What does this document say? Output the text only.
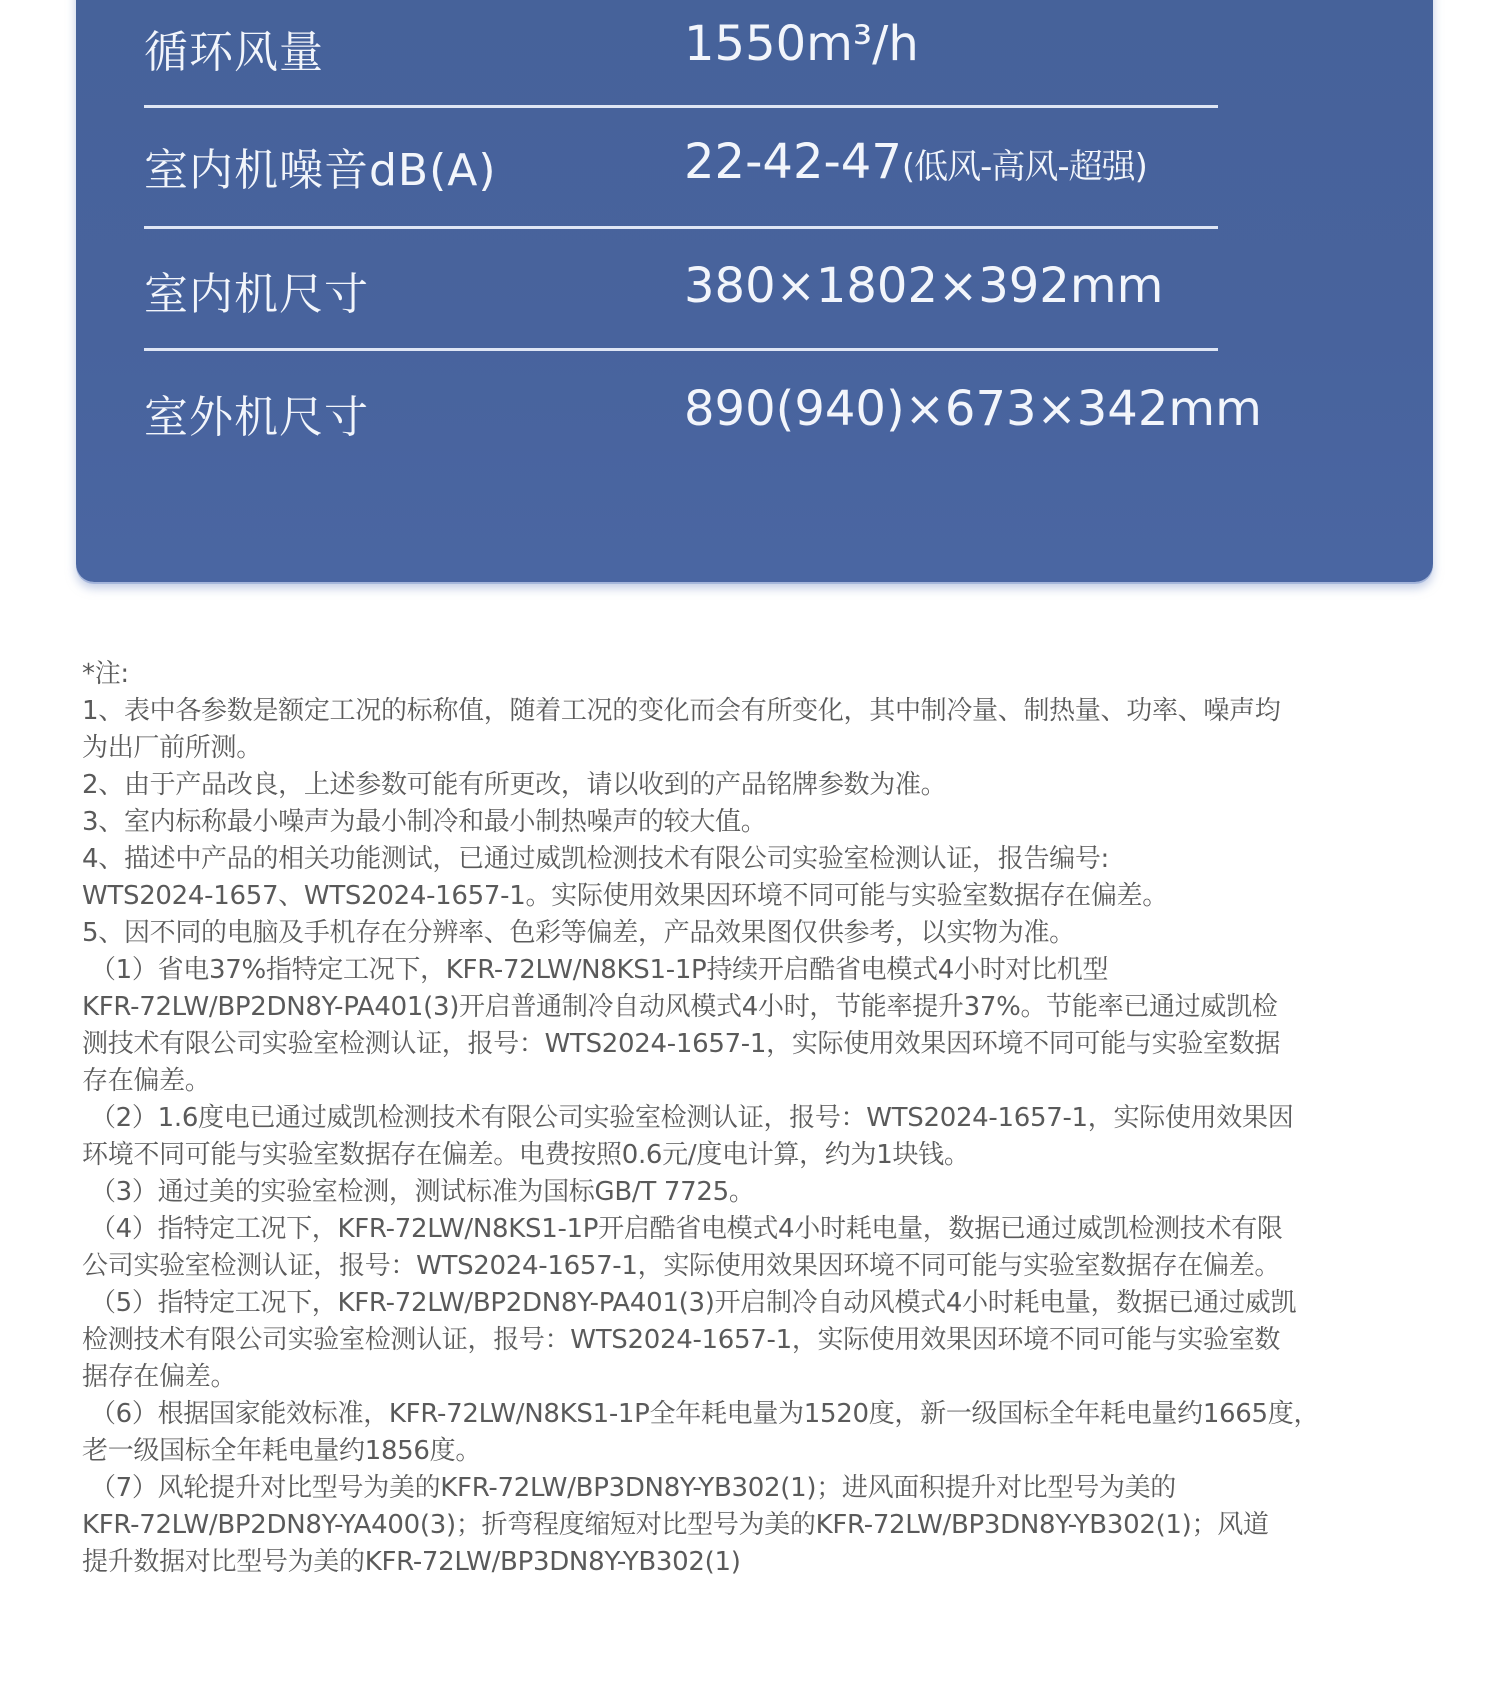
循环风量	1550m³/h
室内机噪音dB(A)	22-42-47(低风-高风-超强)
室内机尺寸	380×1802×392mm
室外机尺寸	890(940)×673×342mm
*注:
1、表中各参数是额定工况的标称值，随着工况的变化而会有所变化，其中制冷量、制热量、功率、噪声均
为出厂前所测。
2、由于产品改良，上述参数可能有所更改，请以收到的产品铭牌参数为准。
3、室内标称最小噪声为最小制冷和最小制热噪声的较大值。
4、描述中产品的相关功能测试，已通过威凯检测技术有限公司实验室检测认证，报告编号:
WTS2024-1657、WTS2024-1657-1。实际使用效果因环境不同可能与实验室数据存在偏差。
5、因不同的电脑及手机存在分辨率、色彩等偏差，产品效果图仅供参考，以实物为准。
（1）省电37%指特定工况下，KFR-72LW/N8KS1-1P持续开启酷省电模式4小时对比机型
KFR-72LW/BP2DN8Y-PA401(3)开启普通制冷自动风模式4小时，节能率提升37%。节能率已通过威凯检
测技术有限公司实验室检测认证，报号：WTS2024-1657-1，实际使用效果因环境不同可能与实验室数据
存在偏差。
（2）1.6度电已通过威凯检测技术有限公司实验室检测认证，报号：WTS2024-1657-1，实际使用效果因
环境不同可能与实验室数据存在偏差。电费按照0.6元/度电计算，约为1块钱。
（3）通过美的实验室检测，测试标准为国标GB/T 7725。
（4）指特定工况下，KFR-72LW/N8KS1-1P开启酷省电模式4小时耗电量，数据已通过威凯检测技术有限
公司实验室检测认证，报号：WTS2024-1657-1，实际使用效果因环境不同可能与实验室数据存在偏差。
（5）指特定工况下，KFR-72LW/BP2DN8Y-PA401(3)开启制冷自动风模式4小时耗电量，数据已通过威凯
检测技术有限公司实验室检测认证，报号：WTS2024-1657-1，实际使用效果因环境不同可能与实验室数
据存在偏差。
（6）根据国家能效标准，KFR-72LW/N8KS1-1P全年耗电量为1520度，新一级国标全年耗电量约1665度，
老一级国标全年耗电量约1856度。
（7）风轮提升对比型号为美的KFR-72LW/BP3DN8Y-YB302(1)；进风面积提升对比型号为美的
KFR-72LW/BP2DN8Y-YA400(3)；折弯程度缩短对比型号为美的KFR-72LW/BP3DN8Y-YB302(1)；风道
提升数据对比型号为美的KFR-72LW/BP3DN8Y-YB302(1)
